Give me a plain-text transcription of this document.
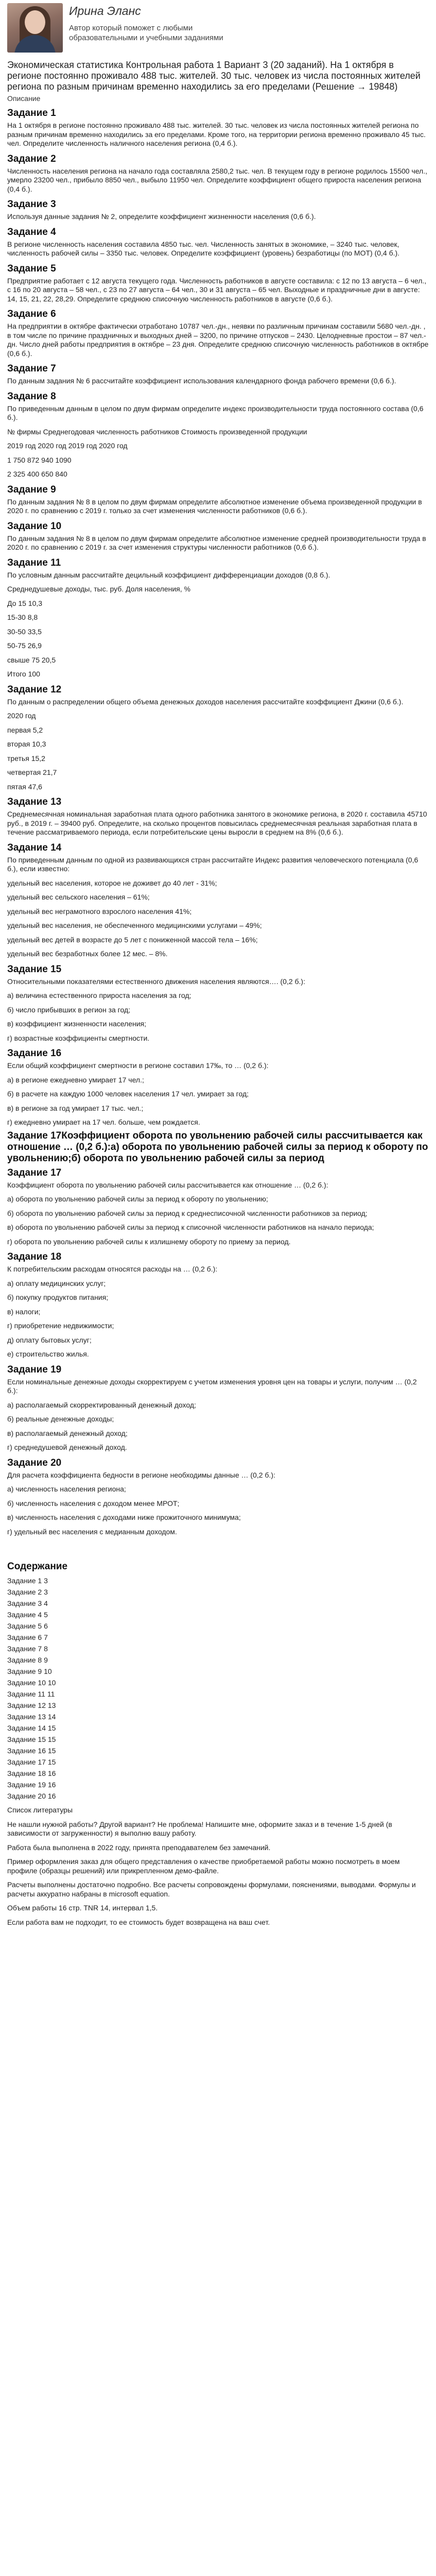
Ирина Эланс
Автор который поможет с любыми образовательными и учебными заданиями
Экономическая статистика Контрольная работа 1 Вариант 3 (20 заданий). На 1 октября в регионе постоянно проживало 488 тыс. жителей. 30 тыс. человек из числа постоянных жителей региона по разным причинам временно находились за его пределами (Решение → 19848)
Описание
Задание 1
На 1 октября в регионе постоянно проживало 488 тыс. жителей. 30 тыс. человек из числа постоянных жителей региона по разным причинам временно находились за его пределами. Кроме того, на территории региона временно проживало 45 тыс. чел. Определите численность наличного населения региона (0,4 б.).
Задание 2
Численность населения региона на начало года составляла 2580,2 тыс. чел. В текущем году в регионе родилось 15500 чел., умерло 23200 чел., прибыло 8850 чел., выбыло 11950 чел. Определите коэффициент общего прироста населения региона (0,4 б.).
Задание 3
Используя данные задания № 2, определите коэффициент жизненности населения (0,6 б.).
Задание 4
В регионе численность населения составила 4850 тыс. чел. Численность занятых в экономике, – 3240 тыс. человек, численность рабочей силы – 3350 тыс. человек. Определите коэффициент (уровень) безработицы (по МОТ) (0,4 б.).
Задание 5
Предприятие работает с 12 августа текущего года. Численность работников в августе составила: с 12 по 13 августа – 6 чел., с 16 по 20 августа – 58 чел., с 23 по 27 августа – 64 чел., 30 и 31 августа – 65 чел. Выходные и праздничные дни в августе: 14, 15, 21, 22, 28,29. Определите среднюю списочную численность работников в августе (0,6 б.).
Задание 6
На предприятии в октябре фактически отработано 10787 чел.-дн., неявки по различным причинам составили 5680 чел.-дн. , в том числе по причине праздничных и выходных дней – 3200, по причине отпусков – 2430. Целодневные простои – 87 чел.-дн. Число дней работы предприятия в октябре – 23 дня. Определите среднюю списочную численность работников в октябре (0,6 б.).
Задание 7
По данным задания № 6 рассчитайте коэффициент использования календарного фонда рабочего времени (0,6 б.).
Задание 8
По приведенным данным в целом по двум фирмам определите индекс производительности труда постоянного состава (0,6 б.).
№ фирмы Среднегодовая численность работников Стоимость произведенной продукции
2019 год 2020 год 2019 год 2020 год
1 750 872 940 1090
2 325 400 650 840
Задание 9
По данным задания № 8 в целом по двум фирмам определите абсолютное изменение объема произведенной продукции в 2020 г. по сравнению с 2019 г. только за счет изменения численности работников (0,6 б.).
Задание 10
По данным задания № 8 в целом по двум фирмам определите абсолютное изменение средней производительности труда в 2020 г. по сравнению с 2019 г. за счет изменения структуры численности работников (0,6 б.).
Задание 11
По условным данным рассчитайте децильный коэффициент дифференциации доходов (0,8 б.).
Среднедушевые доходы, тыс. руб. Доля населения, %
До 15 10,3
15-30 8,8
30-50 33,5
50-75 26,9
свыше 75 20,5
Итого 100
Задание 12
По данным о распределении общего объема денежных доходов населения рассчитайте коэффициент Джини (0,6 б.).
2020 год
первая 5,2
вторая 10,3
третья 15,2
четвертая 21,7
пятая 47,6
Задание 13
Среднемесячная номинальная заработная плата одного работника занятого в экономике региона, в 2020 г. составила 45710 руб., в 2019 г. – 39400 руб. Определите, на сколько процентов повысилась среднемесячная реальная заработная плата в течение рассматриваемого периода, если потребительские цены выросли в среднем на 8% (0,6 б.).
Задание 14
По приведенным данным по одной из развивающихся стран рассчитайте Индекс развития человеческого потенциала (0,6 б.), если известно:
удельный вес населения, которое не доживет до 40 лет - 31%;
удельный вес сельского населения – 61%;
удельный вес неграмотного взрослого населения 41%;
удельный вес населения, не обеспеченного медицинскими услугами – 49%;
удельный вес детей в возрасте до 5 лет с пониженной массой тела – 16%;
удельный вес безработных более 12 мес. – 8%.
Задание 15
Относительными показателями естественного движения населения являются…. (0,2 б.):
а) величина естественного прироста населения за год;
б) число прибывших в регион за год;
в) коэффициент жизненности населения;
г) возрастные коэффициенты смертности.
Задание 16
Если общий коэффициент смертности в регионе составил 17‰, то … (0,2 б.):
а) в регионе ежедневно умирает 17 чел.;
б) в расчете на каждую 1000 человек населения 17 чел. умирает за год;
в) в регионе за год умирает 17 тыс. чел.;
г) ежедневно умирает на 17 чел. больше, чем рождается.
Задание 17Коэффициент оборота по увольнению рабочей силы рассчитывается как отношение … (0,2 б.):а) оборота по увольнению рабочей силы за период к обороту по увольнению;б) оборота по увольнению рабочей силы за период
Задание 17
Коэффициент оборота по увольнению рабочей силы рассчитывается как отношение … (0,2 б.):
а) оборота по увольнению рабочей силы за период к обороту по увольнению;
б) оборота по увольнению рабочей силы за период к среднесписочной численности работников за период;
в) оборота по увольнению рабочей силы за период к списочной численности работников на начало периода;
г) оборота по увольнению рабочей силы к излишнему обороту по приему за период.
Задание 18
К потребительским расходам относятся расходы на … (0,2 б.):
а) оплату медицинских услуг;
б) покупку продуктов питания;
в) налоги;
г) приобретение недвижимости;
д) оплату бытовых услуг;
е) строительство жилья.
Задание 19
Если номинальные денежные доходы скорректируем с учетом изменения уровня цен на товары и услуги, получим … (0,2 б.):
а) располагаемый скорректированный денежный доход;
б) реальные денежные доходы;
в) располагаемый денежный доход;
г) среднедушевой денежный доход.
Задание 20
Для расчета коэффициента бедности в регионе необходимы данные … (0,2 б.):
а) численность населения региона;
б) численность населения с доходом менее МРОТ;
в) численность населения с доходами ниже прожиточного минимума;
г) удельный вес населения с медианным доходом.
Содержание
Задание 1 3
Задание 2 3
Задание 3 4
Задание 4 5
Задание 5 6
Задание 6 7
Задание 7 8
Задание 8 9
Задание 9 10
Задание 10 10
Задание 11 11
Задание 12 13
Задание 13 14
Задание 14 15
Задание 15 15
Задание 16 15
Задание 17 15
Задание 18 16
Задание 19 16
Задание 20 16
Список литературы
Не нашли нужной работы? Другой вариант? Не проблема! Напишите мне, оформите заказ и в течение 1-5 дней (в зависимости от загруженности) я выполню вашу работу.
Работа была выполнена в 2022 году, принята преподавателем без замечаний.
Пример оформления заказ для общего представления о качестве приобретаемой работы можно посмотреть в моем профиле (образцы решений) или прикрепленном демо-файле.
Расчеты выполнены достаточно подробно. Все расчеты сопровождены формулами, пояснениями, выводами. Формулы и расчеты аккуратно набраны в microsoft equation.
Объем работы 16 стр. TNR 14, интервал 1,5.
Если работа вам не подходит, то ее стоимость будет возвращена на ваш счет.
